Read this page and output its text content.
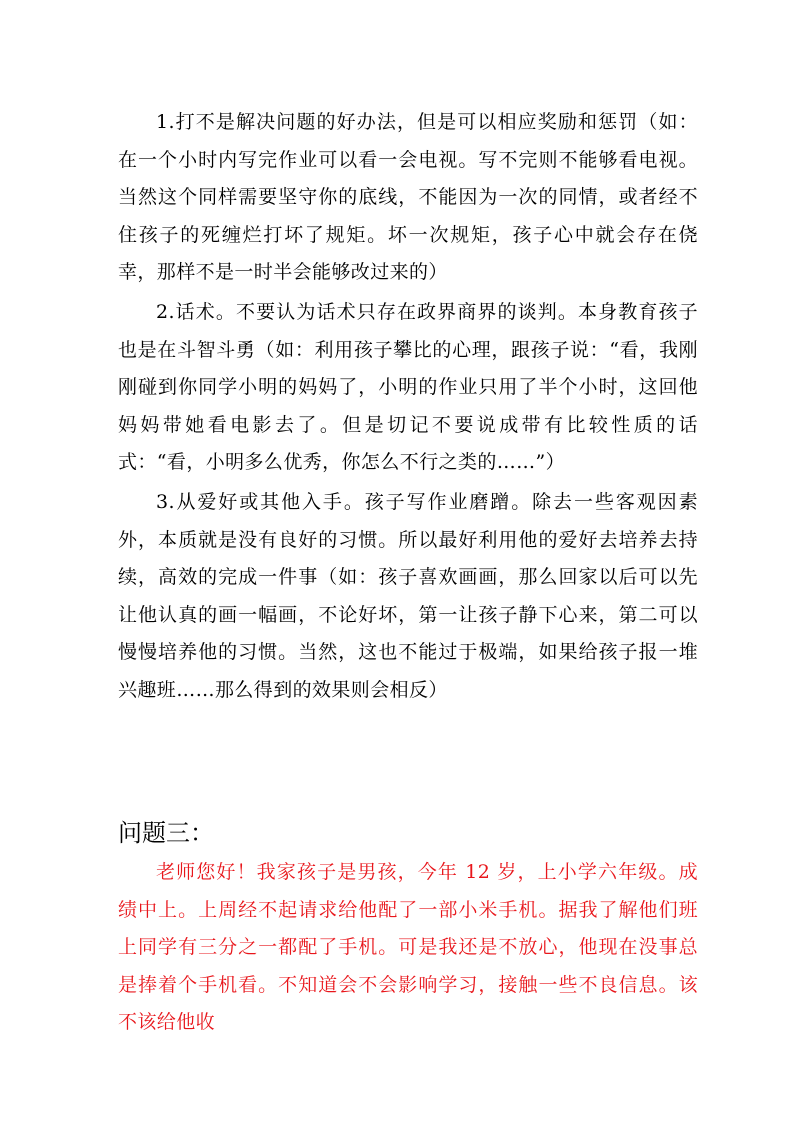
1.打不是解决问题的好办法，但是可以相应奖励和惩罚（如：在一个小时内写完作业可以看一会电视。写不完则不能够看电视。当然这个同样需要坚守你的底线，不能因为一次的同情，或者经不住孩子的死缠烂打坏了规矩。坏一次规矩，孩子心中就会存在侥幸，那样不是一时半会能够改过来的）

2.话术。不要认为话术只存在政界商界的谈判。本身教育孩子也是在斗智斗勇（如：利用孩子攀比的心理，跟孩子说：“看，我刚刚碰到你同学小明的妈妈了，小明的作业只用了半个小时，这回他妈妈带她看电影去了。但是切记不要说成带有比较性质的话式：“看，小明多么优秀，你怎么不行之类的……”）

3.从爱好或其他入手。孩子写作业磨蹭。除去一些客观因素外，本质就是没有良好的习惯。所以最好利用他的爱好去培养去持续，高效的完成一件事（如：孩子喜欢画画，那么回家以后可以先让他认真的画一幅画，不论好坏，第一让孩子静下心来，第二可以慢慢培养他的习惯。当然，这也不能过于极端，如果给孩子报一堆兴趣班……那么得到的效果则会相反）

问题三：

老师您好！我家孩子是男孩，今年 12 岁，上小学六年级。成绩中上。上周经不起请求给他配了一部小米手机。据我了解他们班上同学有三分之一都配了手机。可是我还是不放心，他现在没事总是捧着个手机看。不知道会不会影响学习，接触一些不良信息。该不该给他收
